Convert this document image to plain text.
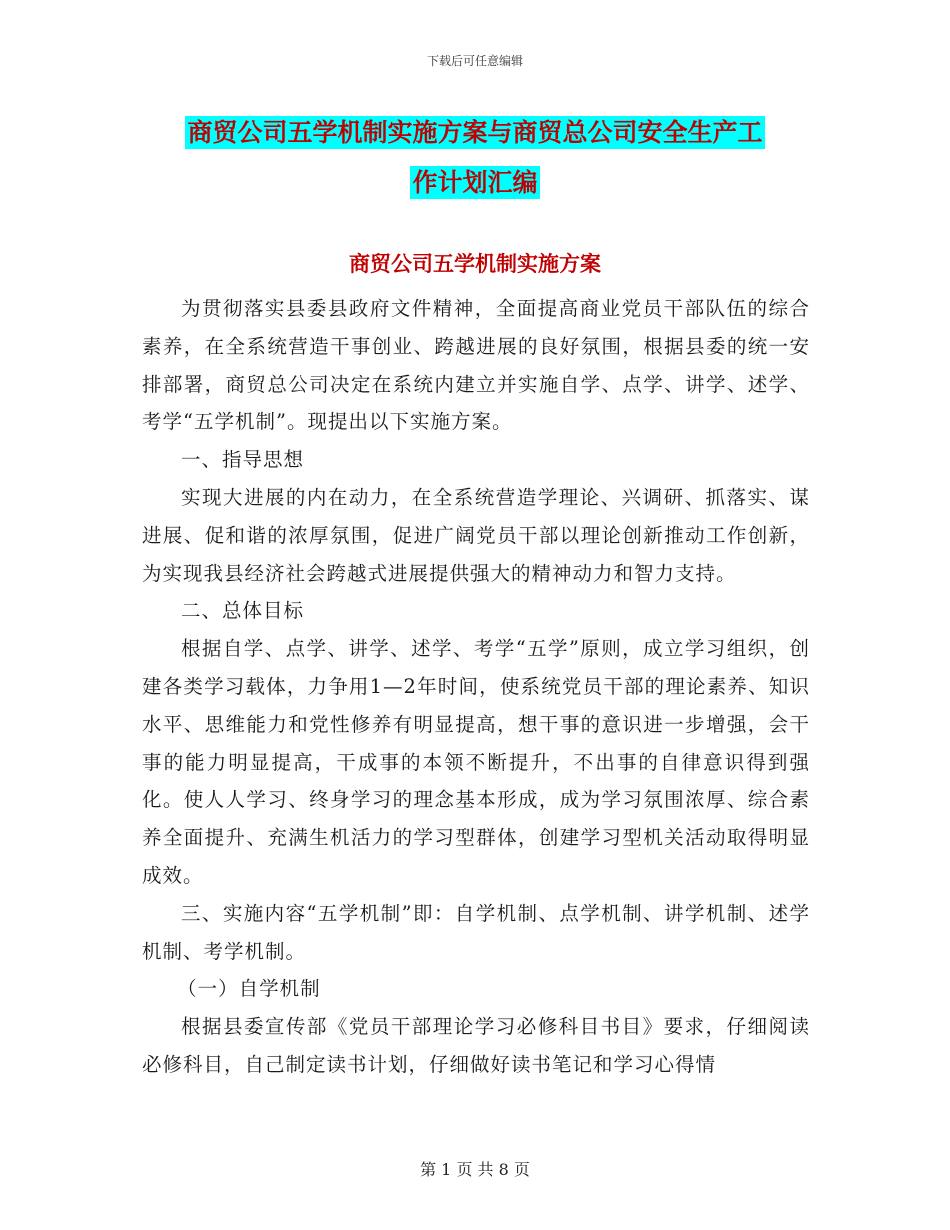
下载后可任意编辑
商贸公司五学机制实施方案与商贸总公司安全生产工
作计划汇编
商贸公司五学机制实施方案

为贯彻落实县委县政府文件精神，全面提高商业党员干部队伍的综合素养，在全系统营造干事创业、跨越进展的良好氛围，根据县委的统一安排部署，商贸总公司决定在系统内建立并实施自学、点学、讲学、述学、考学“五学机制”。现提出以下实施方案。

一、指导思想

实现大进展的内在动力，在全系统营造学理论、兴调研、抓落实、谋进展、促和谐的浓厚氛围，促进广阔党员干部以理论创新推动工作创新，为实现我县经济社会跨越式进展提供强大的精神动力和智力支持。

二、总体目标

根据自学、点学、讲学、述学、考学“五学”原则，成立学习组织，创建各类学习载体，力争用1—2年时间，使系统党员干部的理论素养、知识水平、思维能力和党性修养有明显提高，想干事的意识进一步增强，会干事的能力明显提高，干成事的本领不断提升，不出事的自律意识得到强化。使人人学习、终身学习的理念基本形成，成为学习氛围浓厚、综合素养全面提升、充满生机活力的学习型群体，创建学习型机关活动取得明显成效。

三、实施内容“五学机制”即：自学机制、点学机制、讲学机制、述学机制、考学机制。

（一）自学机制

根据县委宣传部《党员干部理论学习必修科目书目》要求，仔细阅读必修科目，自己制定读书计划，仔细做好读书笔记和学习心得情

第 1 页 共 8 页
